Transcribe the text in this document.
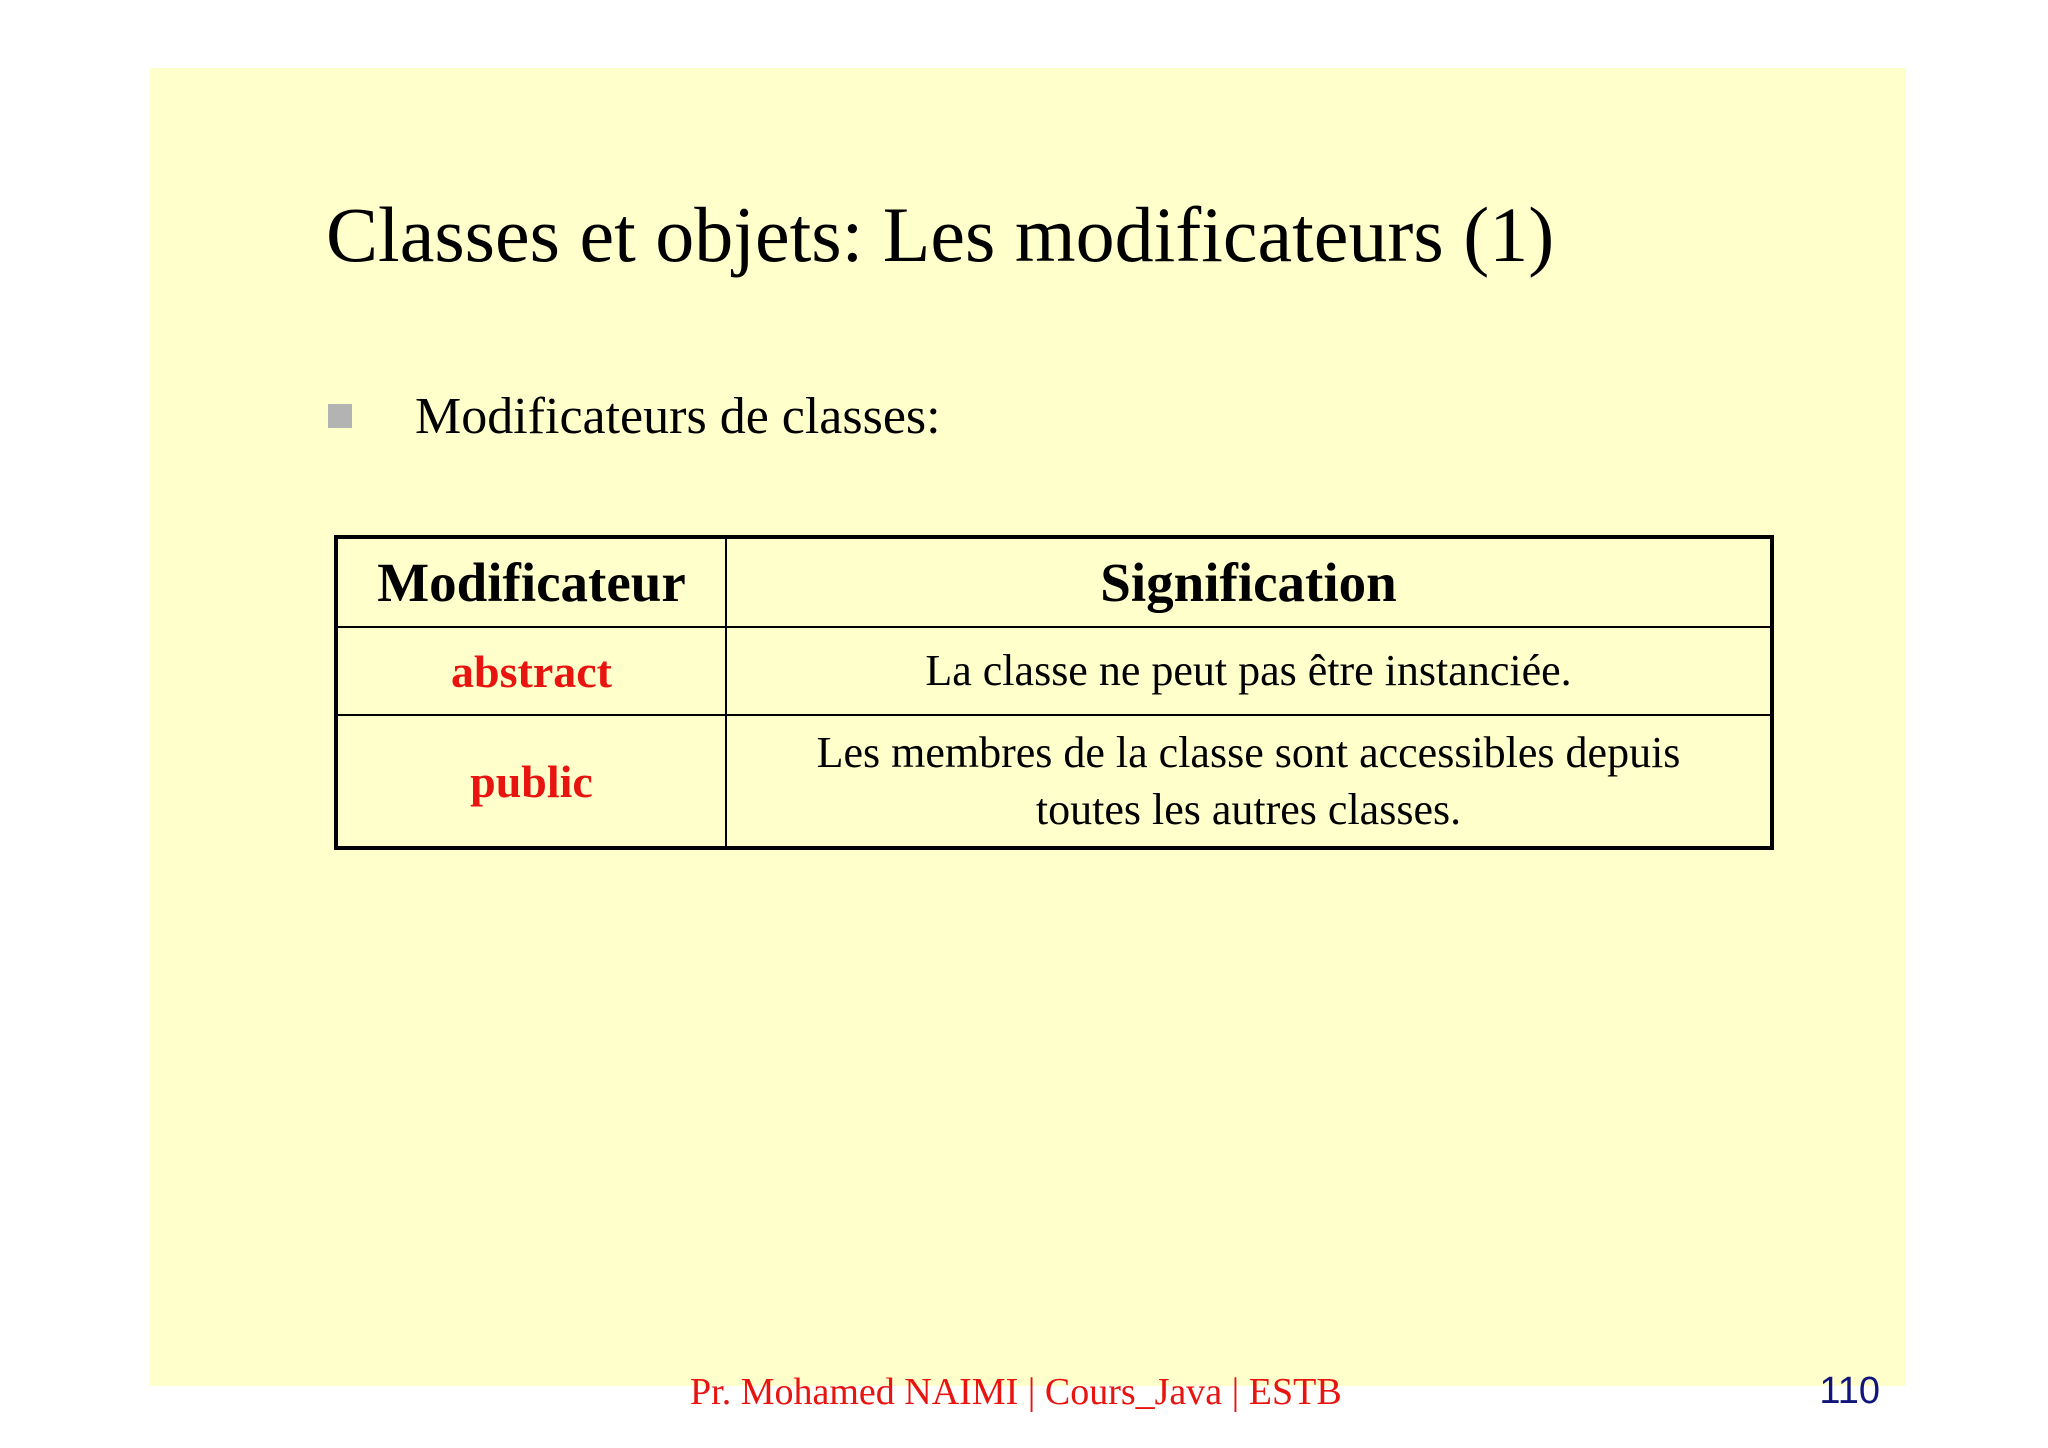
Classes et objets: Les modificateurs (1)
Modificateurs de classes:
Modificateur	Signification
abstract	La classe ne peut pas être instanciée.
public	Les membres de la classe sont accessibles depuis toutes les autres classes.
Pr. Mohamed NAIMI | Cours_Java | ESTB	110
